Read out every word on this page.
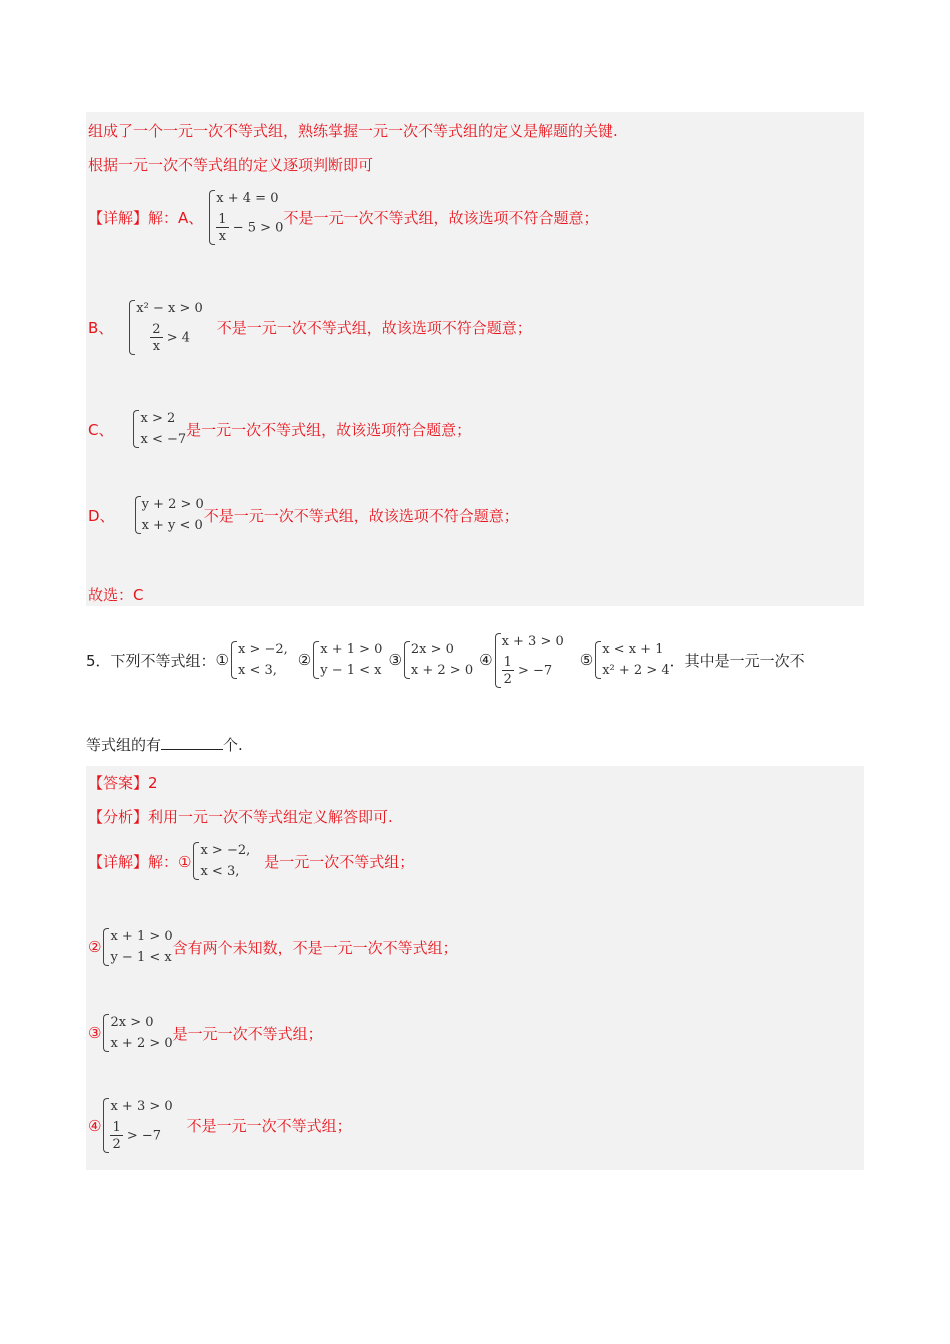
组成了一个一元一次不等式组，熟练掌握一元一次不等式组的定义是解题的关键.
根据一元一次不等式组的定义逐项判断即可
【详解】 解：A、
x + 4 = 0
$\frac{1}{x} - 5 > 0$
不是一元一次不等式组，故该选项不符合题意；
B、
x² − x > 0
$\frac{2}{x} > 4$
不是一元一次不等式组，故该选项不符合题意；
C、
x > 2
x < −7
是一元一次不等式组，故该选项符合题意；
D、
y + 2 > 0
x + y < 0
不是一元一次不等式组，故该选项不符合题意；
故选：C
5．下列不等式组： ①
x > −2,
x < 3,
②
x + 1 > 0
y − 1 < x
③
2x > 0
x + 2 > 0
④
x + 3 > 0
$\frac{1}{2} > -7$
⑤
x < x + 1
x² + 2 > 4
．其中是一元一次不
等式组的有	个.
【答案】 2
【分析】 利用一元一次不等式组定义解答即可.
【详解】 解：①
x > −2,
x < 3,
是一元一次不等式组；
②
x + 1 > 0
y − 1 < x
含有两个未知数，不是一元一次不等式组；
③
2x > 0
x + 2 > 0
是一元一次不等式组；
④
x + 3 > 0
$\frac{1}{2} > -7$
不是一元一次不等式组；
